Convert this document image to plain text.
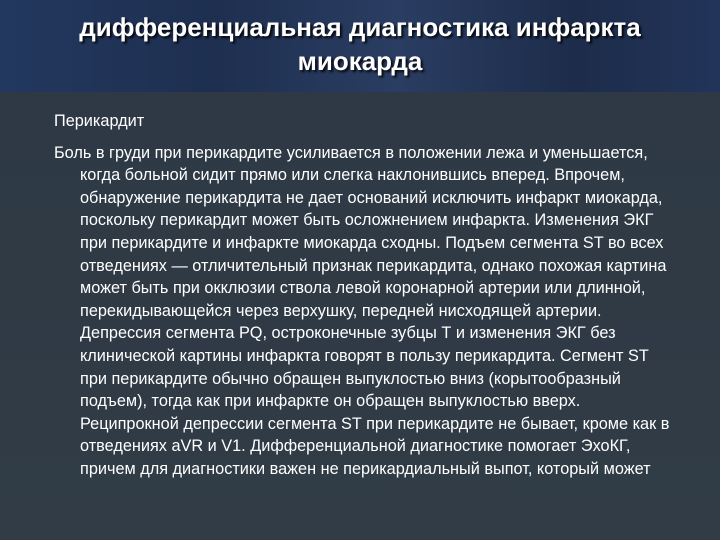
дифференциальная диагностика инфаркта миокарда

Перикардит

Боль в груди при перикардите усиливается в положении лежа и уменьшается, когда больной сидит прямо или слегка наклонившись вперед. Впрочем, обнаружение перикардита не дает оснований исключить инфаркт миокарда, поскольку перикардит может быть осложнением инфаркта. Изменения ЭКГ при перикардите и инфаркте миокарда сходны. Подъем сегмента ST во всех отведениях — отличительный признак перикардита, однако похожая картина может быть при окклюзии ствола левой коронарной артерии или длинной, перекидывающейся через верхушку, передней нисходящей артерии. Депрессия сегмента PQ, остроконечные зубцы Т и изменения ЭКГ без клинической картины инфаркта говорят в пользу перикардита. Сегмент ST при перикардите обычно обращен выпуклостью вниз (корытообразный подъем), тогда как при инфаркте он обращен выпуклостью вверх. Реципрокной депрессии сегмента ST при перикардите не бывает, кроме как в отведениях aVR и V1. Дифференциальной диагностике помогает ЭхоКГ, причем для диагностики важен не перикардиальный выпот, который может
